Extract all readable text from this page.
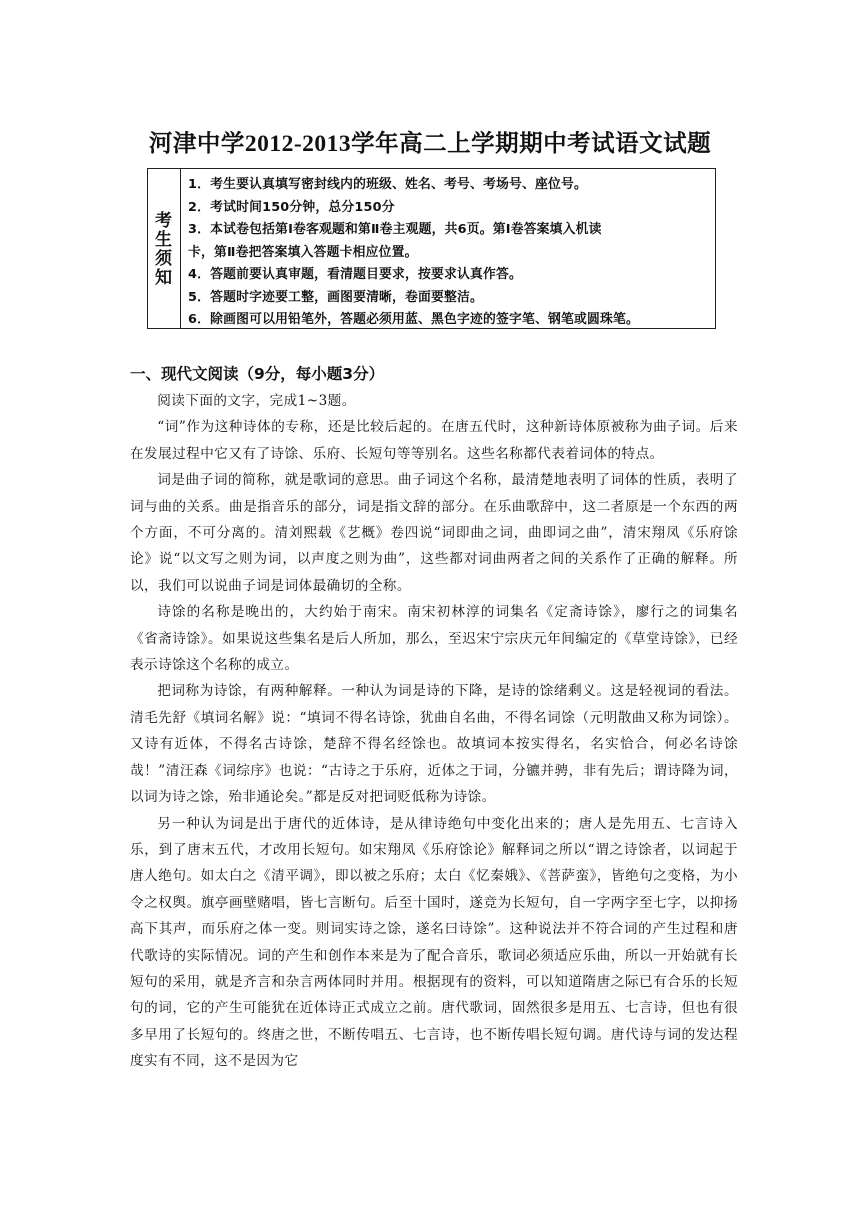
河津中学2012-2013学年高二上学期期中考试语文试题
考生须知
1．考生要认真填写密封线内的班级、姓名、考号、考场号、座位号。
2．考试时间150分钟，总分150分
3．本试卷包括第Ⅰ卷客观题和第Ⅱ卷主观题，共6页。第Ⅰ卷答案填入机读
卡，第Ⅱ卷把答案填入答题卡相应位置。
4．答题前要认真审题，看清题目要求，按要求认真作答。
5．答题时字迹要工整，画图要清晰，卷面要整洁。
6．除画图可以用铅笔外，答题必须用蓝、黑色字迹的签字笔、钢笔或圆珠笔。
一、现代文阅读（9分，每小题3分）

阅读下面的文字，完成1~3题。

“词”作为这种诗体的专称，还是比较后起的。在唐五代时，这种新诗体原被称为曲子词。后来在发展过程中它又有了诗馀、乐府、长短句等等别名。这些名称都代表着词体的特点。

词是曲子词的简称，就是歌词的意思。曲子词这个名称，最清楚地表明了词体的性质，表明了词与曲的关系。曲是指音乐的部分，词是指文辞的部分。在乐曲歌辞中，这二者原是一个东西的两个方面，不可分离的。清刘熙载《艺概》卷四说“词即曲之词，曲即词之曲”，清宋翔凤《乐府馀论》说“以文写之则为词，以声度之则为曲”，这些都对词曲两者之间的关系作了正确的解释。所以，我们可以说曲子词是词体最确切的全称。

诗馀的名称是晚出的，大约始于南宋。南宋初林淳的词集名《定斋诗馀》，廖行之的词集名《省斋诗馀》。如果说这些集名是后人所加，那么，至迟宋宁宗庆元年间编定的《草堂诗馀》，已经表示诗馀这个名称的成立。

把词称为诗馀，有两种解释。一种认为词是诗的下降，是诗的馀绪剩义。这是轻视词的看法。清毛先舒《填词名解》说：“填词不得名诗馀，犹曲自名曲，不得名词馀（元明散曲又称为词馀）。又诗有近体，不得名古诗馀，楚辞不得名经馀也。故填词本按实得名，名实恰合，何必名诗馀哉！”清汪森《词综序》也说：“古诗之于乐府，近体之于词，分镳并骋，非有先后；谓诗降为词，以词为诗之馀，殆非通论矣。”都是反对把词贬低称为诗馀。

另一种认为词是出于唐代的近体诗，是从律诗绝句中变化出来的；唐人是先用五、七言诗入乐，到了唐末五代，才改用长短句。如宋翔凤《乐府馀论》解释词之所以“谓之诗馀者，以词起于唐人绝句。如太白之《清平调》，即以被之乐府；太白《忆秦娥》、《菩萨蛮》，皆绝句之变格，为小令之权舆。旗亭画壁赌唱，皆七言断句。后至十国时，遂竞为长短句，自一字两字至七字，以抑扬高下其声，而乐府之体一变。则词实诗之馀，遂名曰诗馀”。这种说法并不符合词的产生过程和唐代歌诗的实际情况。词的产生和创作本来是为了配合音乐，歌词必须适应乐曲，所以一开始就有长短句的采用，就是齐言和杂言两体同时并用。根据现有的资料，可以知道隋唐之际已有合乐的长短句的词，它的产生可能犹在近体诗正式成立之前。唐代歌词，固然很多是用五、七言诗，但也有很多早用了长短句的。终唐之世，不断传唱五、七言诗，也不断传唱长短句调。唐代诗与词的发达程度实有不同，这不是因为它
